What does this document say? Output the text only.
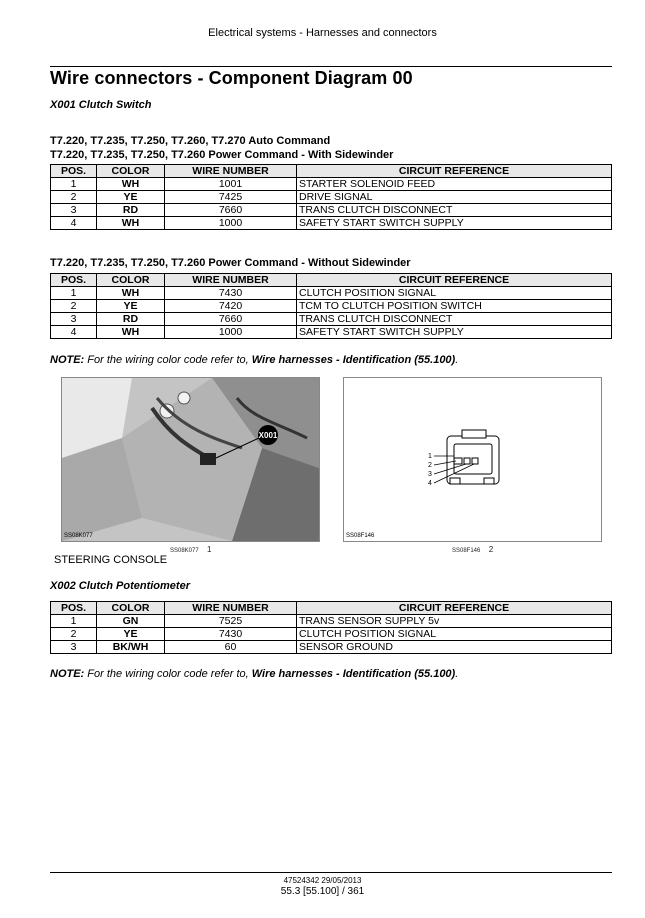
Electrical systems - Harnesses and connectors
Wire connectors - Component Diagram 00
X001 Clutch Switch
T7.220, T7.235, T7.250, T7.260, T7.270 Auto Command
T7.220, T7.235, T7.250, T7.260 Power Command - With Sidewinder
POS.	COLOR	WIRE NUMBER	CIRCUIT REFERENCE
1	WH	1001	STARTER SOLENOID FEED
2	YE	7425	DRIVE SIGNAL
3	RD	7660	TRANS CLUTCH DISCONNECT
4	WH	1000	SAFETY START SWITCH SUPPLY
T7.220, T7.235, T7.250, T7.260 Power Command - Without Sidewinder
POS.	COLOR	WIRE NUMBER	CIRCUIT REFERENCE
1	WH	7430	CLUTCH POSITION SIGNAL
2	YE	7420	TCM TO CLUTCH POSITION SWITCH
3	RD	7660	TRANS CLUTCH DISCONNECT
4	WH	1000	SAFETY START SWITCH SUPPLY
NOTE: For the wiring color code refer to, Wire harnesses - Identification (55.100).
X001
SS08K077
1
2
3
4
SS08F146
SS08K077 1	SS08F146 2
STEERING CONSOLE
X002 Clutch Potentiometer
POS.	COLOR	WIRE NUMBER	CIRCUIT REFERENCE
1	GN	7525	TRANS SENSOR SUPPLY 5v
2	YE	7430	CLUTCH POSITION SIGNAL
3	BK/WH	60	SENSOR GROUND
NOTE: For the wiring color code refer to, Wire harnesses - Identification (55.100).
47524342 29/05/2013
55.3 [55.100] / 361
